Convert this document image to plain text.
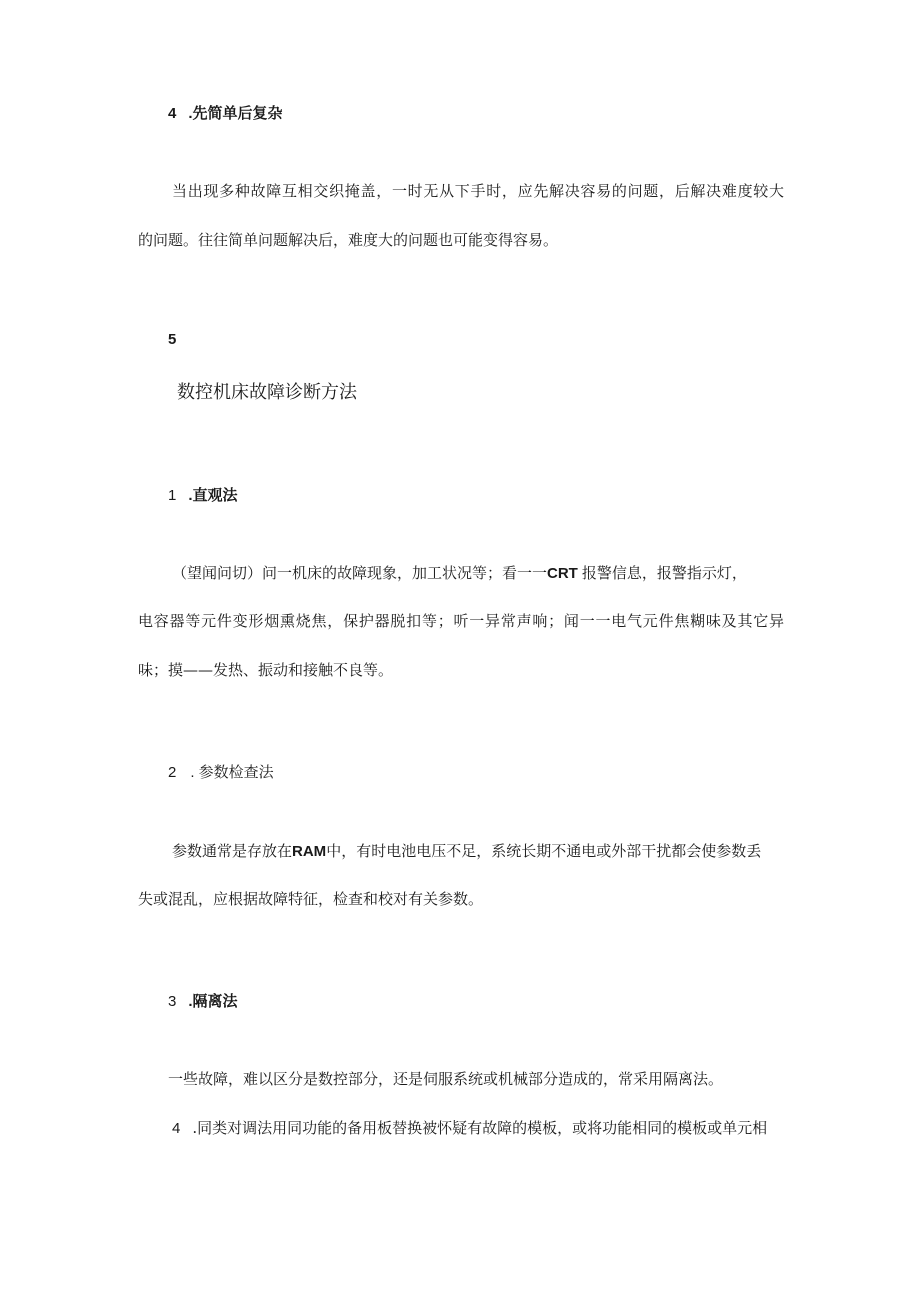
4 .先简单后复杂
当出现多种故障互相交织掩盖，一时无从下手时，应先解决容易的问题，后解决难度较大
的问题。往往简单问题解决后，难度大的问题也可能变得容易。
5
数控机床故障诊断方法
1 .直观法
（望闻问切）问一机床的故障现象，加工状况等；看一一CRT 报警信息，报警指示灯，
电容器等元件变形烟熏烧焦，保护器脱扣等；听一异常声响；闻一一电气元件焦糊味及其它异
味；摸——发热、振动和接触不良等。
2 . 参数检查法
参数通常是存放在RAM中，有时电池电压不足，系统长期不通电或外部干扰都会使参数丢
失或混乱，应根据故障特征，检查和校对有关参数。
3 .隔离法
一些故障，难以区分是数控部分，还是伺服系统或机械部分造成的，常采用隔离法。
4 .同类对调法用同功能的备用板替换被怀疑有故障的模板，或将功能相同的模板或单元相
